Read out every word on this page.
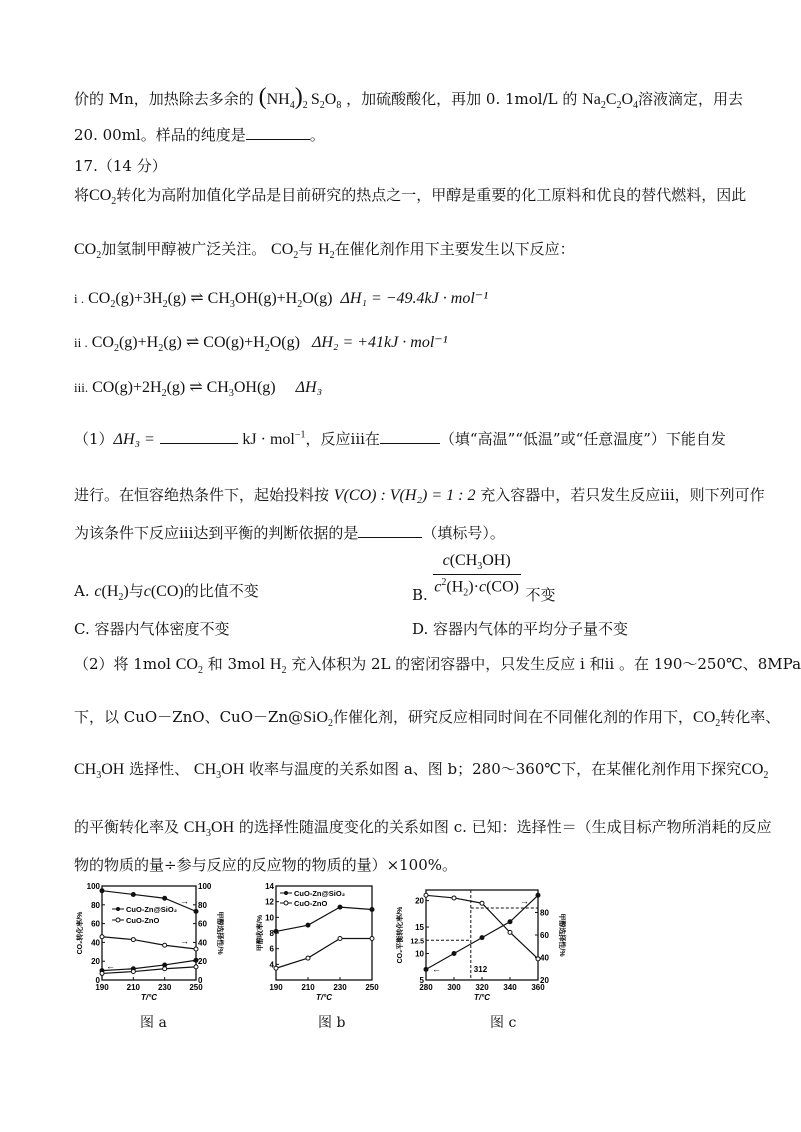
价的 Mn，加热除去多余的 $(NH_4)_2$  $S_2O_8$ ，加硫酸酸化，再加 0. 1mol/L 的 $Na_2C_2O_4$溶液滴定，用去
20. 00ml。样品的纯度是	。
17.（14 分）
将$CO_2$转化为高附加值化学品是目前研究的热点之一，甲醇是重要的化工原料和优良的替代燃料，因此
$CO_2$加氢制甲醇被广泛关注。 $CO_2$与 $H_2$在催化剂作用下主要发生以下反应：
i . $CO_2(g)+3H_2(g)$ ⇌ $CH_3OH(g)+H_2O(g) \Delta H_1 = -49.4kJ \cdot mol^{-1}$
ii . $CO_2(g)+H_2(g)$ ⇌ $CO(g)+H_2O(g) \Delta H_2 = +41kJ \cdot mol^{-1}$
iii. $CO(g)+2H_2(g)$ ⇌ $CH_3OH(g)$     ΔH₃
（1）ΔH₃ =	kJ · mol$^{-1}$，反应iii在	（填“高温”“低温”或“任意温度”）下能自发
进行。在恒容绝热条件下，起始投料按 V(CO) : V(H₂) = 1 : 2 充入容器中，若只发生反应iii，则下列可作
为该条件下反应iii达到平衡的判断依据的是	（填标号）。
A. $c(H_2)$与c(CO)的比值不变	B. $\frac{c(CH_3OH)}{c^2(H_2)\cdot c(CO)}$ 不变
C. 容器内气体密度不变	D. 容器内气体的平均分子量不变
（2）将 1mol $CO_2$ 和 3mol $H_2$ 充入体积为 2L 的密闭容器中，只发生反应 i 和ii 。在 190～250℃、8MPa
下，以 CuO－ZnO、CuO－Zn@SiO$_2$作催化剂，研究反应相同时间在不同催化剂的作用下，$CO_2$转化率、
$CH_3OH$ 选择性、 $CH_3OH$ 收率与温度的关系如图 a、图 b；280～360℃下，在某催化剂作用下探究$CO_2$
的平衡转化率及 $CH_3OH$ 的选择性随温度变化的关系如图 c. 已知：选择性＝（生成目标产物所消耗的反应
物的物质的量÷参与反应的反应物的物质的量）×100%。
190 210 230 250
T/°C
0
20
40
60
80
100
CO₂转化率/%
0
20
40
60
80
100
甲醇选择性/%
CuO-Zn@SiO₂
CuO-ZnO
→
→
←
190 210 230 250
T/°C
4
6
8
10
12
14
甲醇收率/%
CuO-Zn@SiO₂
CuO-ZnO
280 300 320 340 360
T/°C
5
10
15
20
CO₂平衡转化率/%
20
40
60
80
甲醇选择性/%
312
12.5
←
→
图 a	图 b	图 c
